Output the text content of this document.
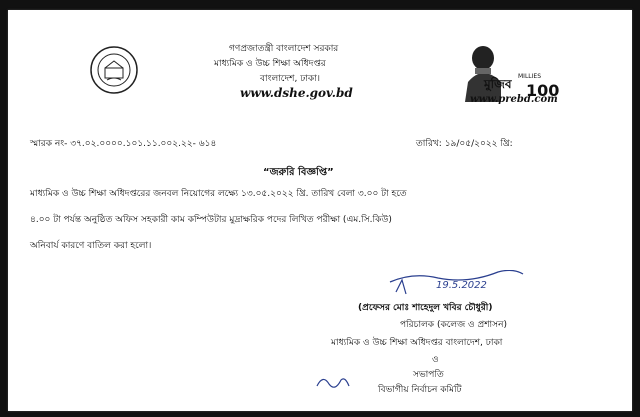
গণপ্রজাতন্ত্রী বাংলাদেশ সরকার
মাধ্যমিক ও উচ্চ শিক্ষা অধিদপ্তর
বাংলাদেশ, ঢাকা।
www.dshe.gov.bd
মুজিব
MILLIES
100
www.prebd.com
স্মারক নং- ৩৭.০২.০০০০.১০১.১১.০০২.২২- ৬১৪	তারিখ: ১৯/০৫/২০২২ খ্রি:
“জরুরি বিজ্ঞপ্তি”
মাধ্যমিক ও উচ্চ শিক্ষা অধিদপ্তরের জনবল নিয়োগের লক্ষ্যে ১৩.০৫.২০২২ খ্রি. তারিখ বেলা ৩.০০ টা হতে
৪.০০ টা পর্যন্ত অনুষ্ঠিত অফিস সহকারী কাম কম্পিউটার মুদ্রাক্ষরিক পদের লিখিত পরীক্ষা (এম.সি.কিউ)
অনিবার্য কারণে বাতিল করা হলো।
19.5.2022
(প্রফেসর মোঃ শাহেদুল খবির চৌধুরী)
পরিচালক (কলেজ ও প্রশাসন)
মাধ্যমিক ও উচ্চ শিক্ষা অধিদপ্তর বাংলাদেশ, ঢাকা
ও
সভাপতি
বিভাগীয় নির্বাচন কমিটি
